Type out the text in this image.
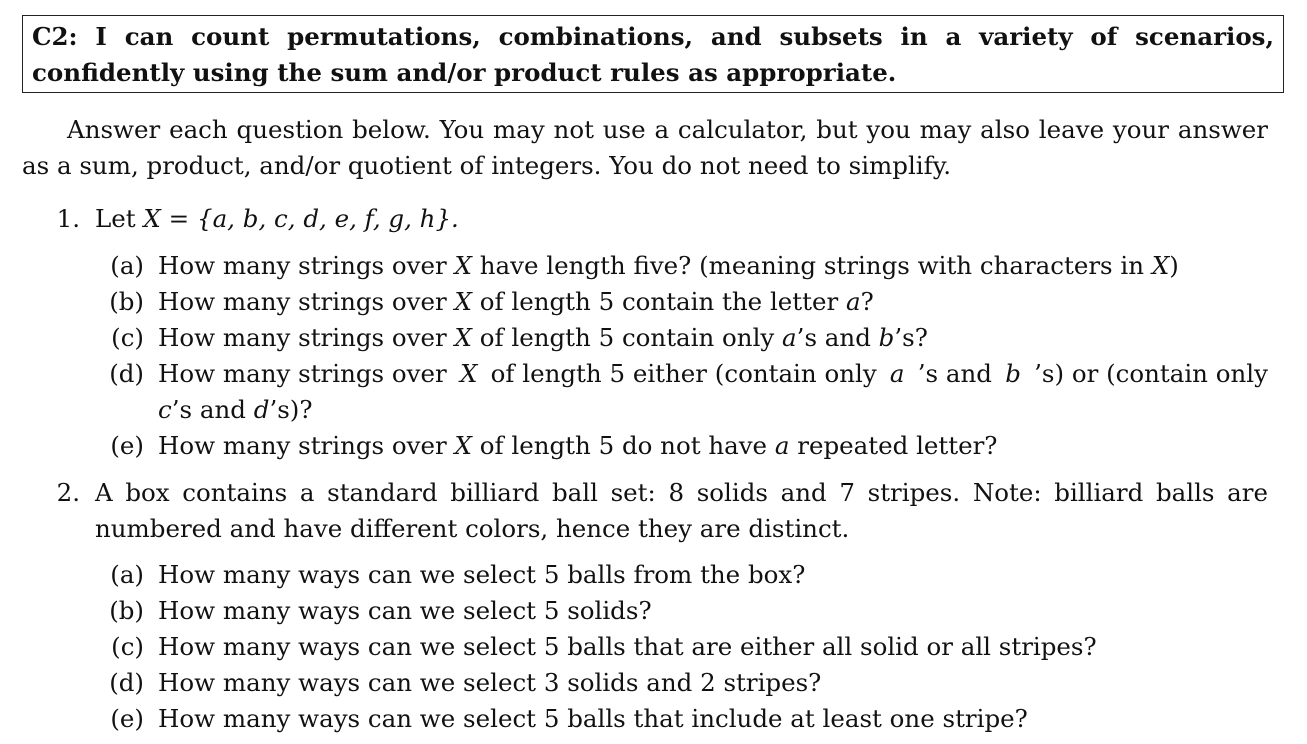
C2: I can count permutations, combinations, and subsets in a variety of scenarios, confidently using the sum and/or product rules as appropriate.

Answer each question below. You may not use a calculator, but you may also leave your answer
as a sum, product, and/or quotient of integers. You do not need to simplify.

1. Let X = {a, b, c, d, e, f, g, h}.
(a) How many strings over X have length five? (meaning strings with characters in X)
(b) How many strings over X of length 5 contain the letter a?
(c) How many strings over X of length 5 contain only a’s and b’s?
(d) How many strings over X of length 5 either (contain only a ’s and b ’s) or (contain only
c’s and d’s)?
(e) How many strings over X of length 5 do not have a repeated letter?
2. A box contains a standard billiard ball set: 8 solids and 7 stripes. Note: billiard balls are
numbered and have different colors, hence they are distinct.
(a) How many ways can we select 5 balls from the box?
(b) How many ways can we select 5 solids?
(c) How many ways can we select 5 balls that are either all solid or all stripes?
(d) How many ways can we select 3 solids and 2 stripes?
(e) How many ways can we select 5 balls that include at least one stripe?
